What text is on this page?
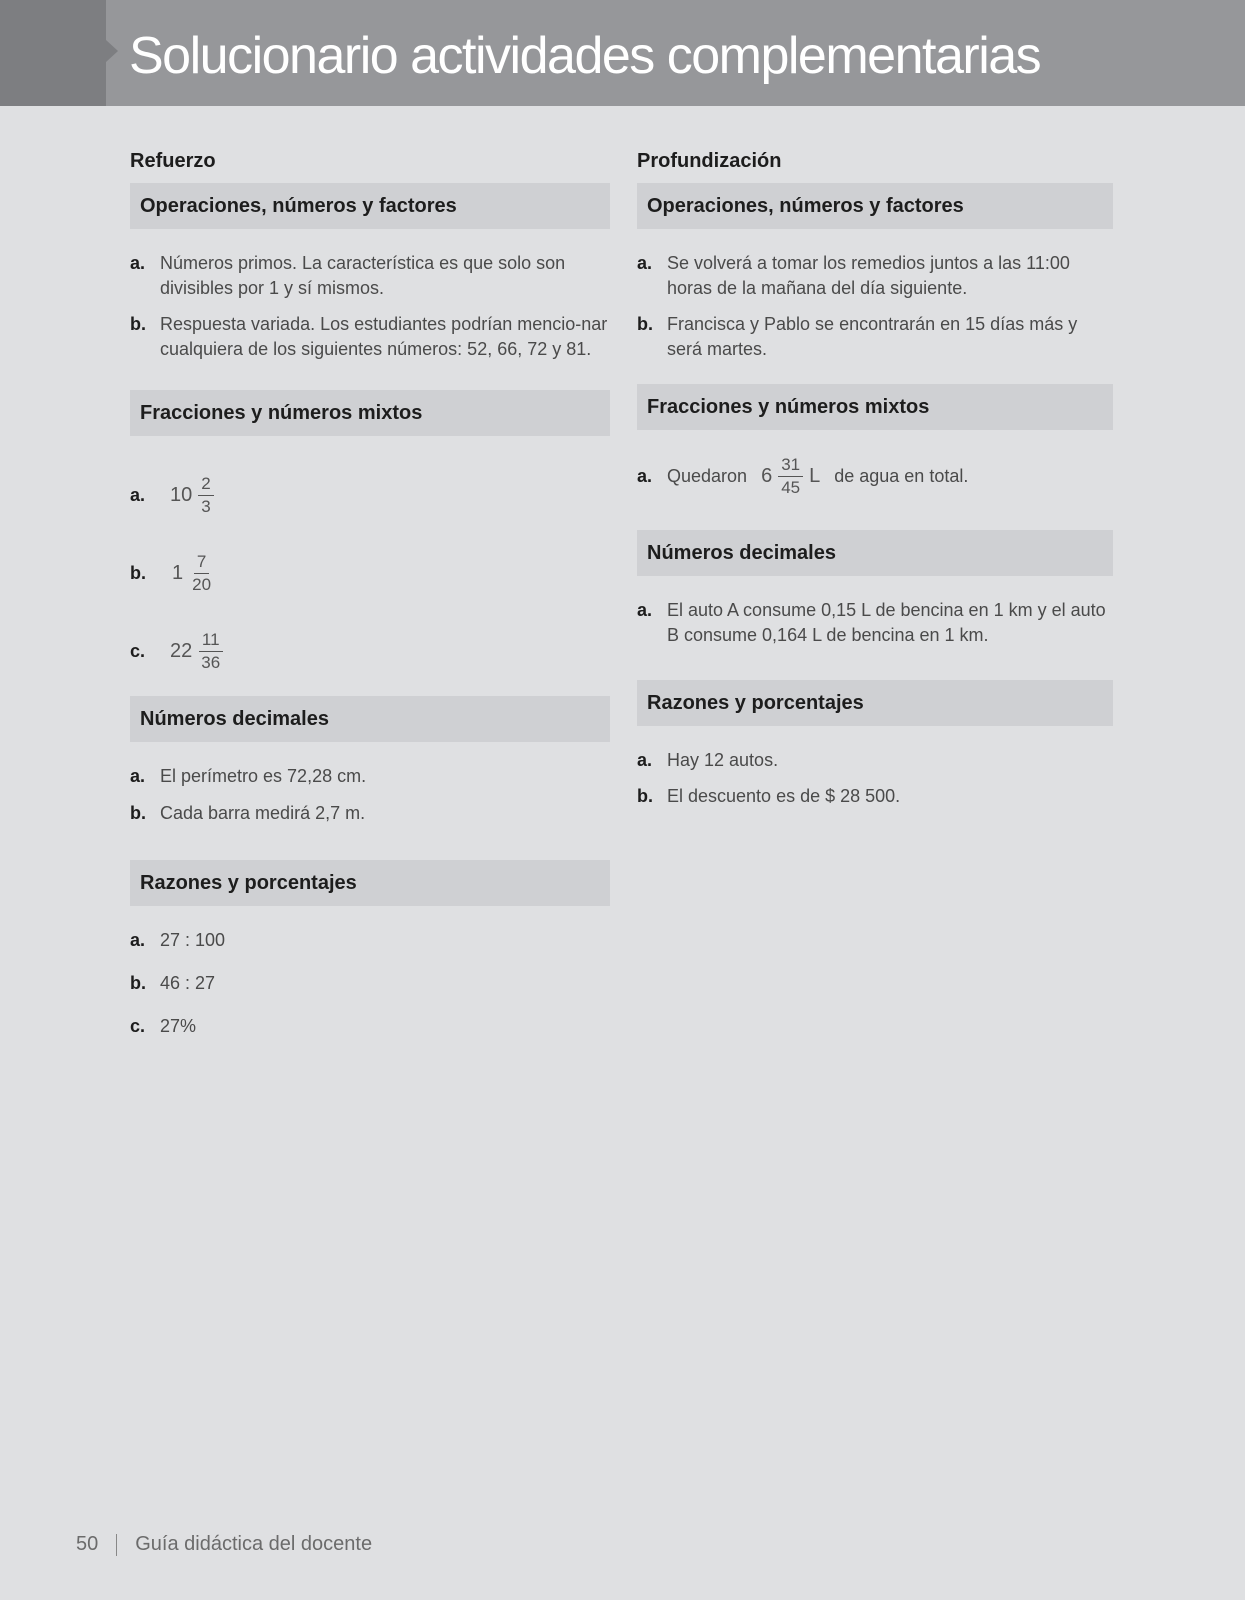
Solucionario actividades complementarias
Refuerzo
Operaciones, números y factores
a. Números primos. La característica es que solo son divisibles por 1 y sí mismos.
b. Respuesta variada. Los estudiantes podrían mencio-nar cualquiera de los siguientes números: 52, 66, 72 y 81.
Fracciones y números mixtos
a. $10 \frac{2}{3}$
b. $1 \frac{7}{20}$
c. $22 \frac{11}{36}$
Números decimales
a. El perímetro es 72,28 cm.
b. Cada barra medirá 2,7 m.
Razones y porcentajes
a. 27 : 100
b. 46 : 27
c. 27%
Profundización
Operaciones, números y factores
a. Se volverá a tomar los remedios juntos a las 11:00 horas de la mañana del día siguiente.
b. Francisca y Pablo se encontrarán en 15 días más y será martes.
Fracciones y números mixtos
a. Quedaron $6 \frac{31}{45}$ L de agua en total.
Números decimales
a. El auto A consume 0,15 L de bencina en 1 km y el auto B consume 0,164 L de bencina en 1 km.
Razones y porcentajes
a. Hay 12 autos.
b. El descuento es de $ 28 500.
50 Guía didáctica del docente
